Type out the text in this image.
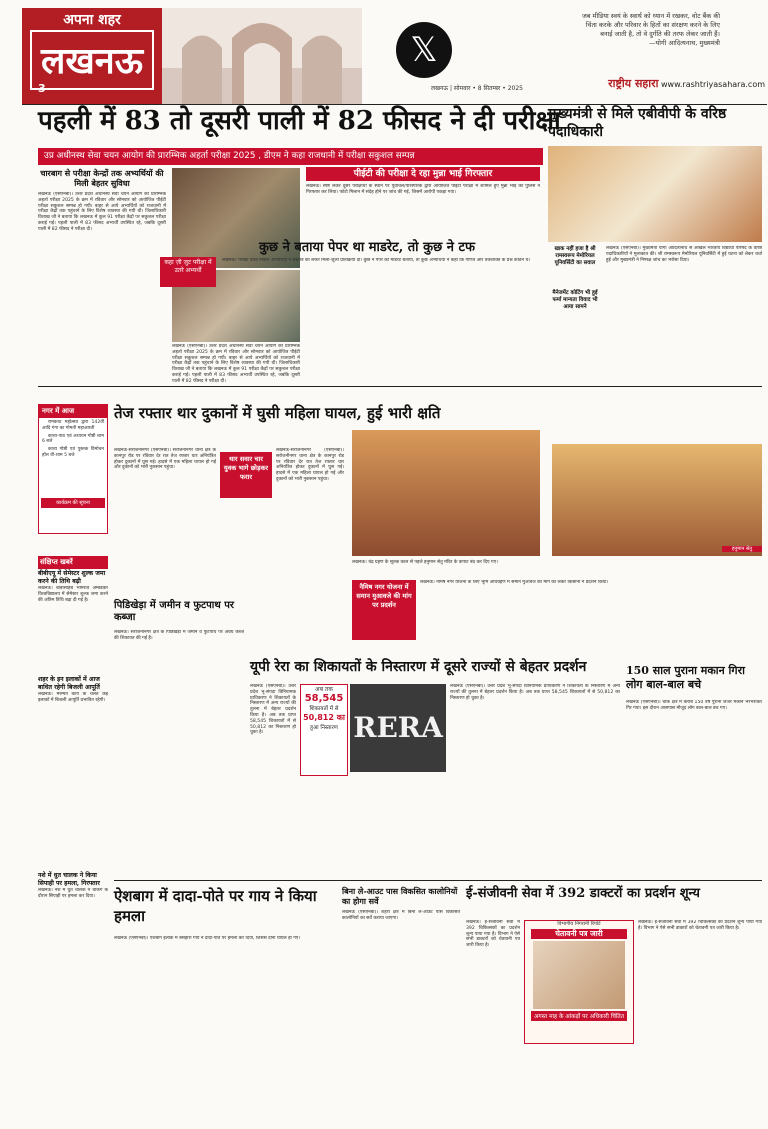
अपना शहर
लखनऊ
3
𝕏
जब मीडिया स्वयं के स्वार्थ को ध्यान में रखकर, वोट बैंक की
चिंता करके और परिवार के हितों का संरक्षण करने के लिए
बनाई जाती है, तो वे दुर्गति की तरफ लेकर जाती हैं।
—योगी आदित्यनाथ, मुख्यमंत्री
लखनऊ | सोमवार • 8 सितम्बर • 2025	राष्ट्रीय सहारा www.rashtriyasahara.com
पहली में 83 तो दूसरी पाली में 82 फीसद ने दी परीक्षा
उप्र अधीनस्थ सेवा चयन आयोग की प्रारम्भिक अहर्ता परीक्षा 2025 , डीएम ने कहा राजधानी में परीक्षा सकुशल सम्पन्न
चारबाग से परीक्षा केन्द्रों तक अभ्यर्थियों की मिली बेहतर सुविधा
लखनऊ (एसएनबी)। उत्तर प्रदेश अधीनस्थ सेवा चयन आयोग की प्रारम्भिक अहर्ता परीक्षा 2025 के क्रम में रविवार और सोमवार को आयोजित पीईटी परीक्षा सकुशल सम्पन्न हो गयी। बाहर से आये अभ्यर्थियों को राजधानी में परीक्षा केंद्रों तक पहुंचाने के लिए विशेष व्यवस्था की गयी थी। जिलाधिकारी विशाख जी ने बताया कि लखनऊ में कुल 91 परीक्षा केंद्रों पर सकुशल परीक्षा कराई गई। पहली पाली में 83 फीसद अभ्यर्थी उपस्थित रहे, जबकि दूसरी पाली में 82 फीसद ने परीक्षा दी।
लखनऊ (एसएनबी)। उत्तर प्रदेश अधीनस्थ सेवा चयन आयोग की प्रारम्भिक अहर्ता परीक्षा 2025 के क्रम में रविवार और सोमवार को आयोजित पीईटी परीक्षा सकुशल सम्पन्न हो गयी। बाहर से आये अभ्यर्थियों को राजधानी में परीक्षा केंद्रों तक पहुंचाने के लिए विशेष व्यवस्था की गयी थी। जिलाधिकारी विशाख जी ने बताया कि लखनऊ में कुल 91 परीक्षा केंद्रों पर सकुशल परीक्षा कराई गई। पहली पाली में 83 फीसद अभ्यर्थी उपस्थित रहे, जबकि दूसरी पाली में 82 फीसद ने परीक्षा दी।
पीईटी की परीक्षा दे रहा मुन्ना भाई गिरफ्तार
लखनऊ। स्पष्ट लेकर दूसरे परीक्षार्थी के स्थान पर पूर्वांचल/पारस्परिक द्वारा आयोजित पीईटी परीक्षा में शामिल हुए मुन्ना भाई को पुलिस ने गिरफ्तार कर लिया। फोटो मिलान में संदेह होने पर जांच की गई, जिसमें आरोपी पकड़ा गया।
कुछ ने बताया पेपर था माडरेट, तो कुछ ने टफ
कहा ज़ी जुट परीक्षा में उतरे अभ्यर्थी
लखनऊ। परीक्षा देकर निकले अभ्यर्थियों ने प्रश्नपत्र को लेकर मिली-जुली प्रतिक्रिया दी। कुछ ने पेपर को माडरेट बताया, तो कुछ अभ्यर्थियों ने कहा कि गणित और तर्कशक्ति के प्रश्न कठिन थे।
मुख्यमंत्री से मिले एबीवीपी के वरिष्ठ पदाधिकारी
खाक नहीं हजा है श्री रामस्वरूप मेमोरियल यूनिवर्सिटी का सवाल
मैनेजमेंट कोटिंग भी हुई फर्मा मान्यता विवाद भी आया सामने
लखनऊ (एसएनबी)। मुख्यमंत्री योगी आदित्यनाथ से अखिल भारतीय विद्यार्थी परिषद के वरिष्ठ पदाधिकारियों ने मुलाकात की। श्री रामस्वरूप मेमोरियल यूनिवर्सिटी में हुई घटना को लेकर चर्चा हुई और मुख्यमंत्री ने निष्पक्ष जांच का भरोसा दिया।
नगर में आज

रामकथा महोत्सव द्वारा 142वीं आदि गंगा का गोमती महाआरती

काव्य-पाठ एवं अध्ययन गोष्ठी शाम 6 बजे

काव्य गोष्ठी एवं पुस्तक विमोचन हॉल वी-शाम 5 बजे

कार्यक्रम की सूचना
तेज रफ्तार थार दुकानों में घुसी महिला घायल, हुई भारी क्षति
थार सवार चार युवक भागे छोड़कर फरार
लखनऊ-सरोजनीनगर (एसएनबी)। सरोजनीनगर थाना क्षेत्र के कानपुर रोड पर रविवार देर रात तेज रफ्तार थार अनियंत्रित होकर दुकानों में घुस गई। हादसे में एक महिला घायल हो गई और दुकानों को भारी नुकसान पहुंचा।
लखनऊ-सरोजनीनगर (एसएनबी)। सरोजनीनगर थाना क्षेत्र के कानपुर रोड पर रविवार देर रात तेज रफ्तार थार अनियंत्रित होकर दुकानों में घुस गई। हादसे में एक महिला घायल हो गई और दुकानों को भारी नुकसान पहुंचा।
हनुमान सेतु
लखनऊ। चंद्र ग्रहण के सूतक काल से पहले हनुमान सेतु मंदिर के कपाट बंद कर दिए गए।
संक्षिप्त खबरें
बीबीएयू में सेमेस्टर शुल्क जमा करने की तिथि बढ़ी
लखनऊ। बाबासाहेब भीमराव अम्बेडकर विश्वविद्यालय में सेमेस्टर शुल्क जमा करने की अंतिम तिथि बढ़ा दी गई है।
शहर के इन इलाकों में आज बाधित रहेगी बिजली आपूर्ति
लखनऊ। मरम्मत कार्य के चलते कई इलाकों में बिजली आपूर्ति प्रभावित रहेगी।
नशे में धुत चालक ने किया सिपाही पर हमला, गिरफ्तार
लखनऊ। नशे में धुत चालक ने चेकिंग के दौरान सिपाही पर हमला कर दिया।
पिडिखेड़ा में जमीन व फुटपाथ पर कब्जा
लखनऊ। सरोजनीनगर क्षेत्र के पिडिखेड़ा में जमीन व फुटपाथ पर अवैध कब्जे की शिकायत की गई है।
नैमिष नगर योजना में समान मुआवजे की मांग पर प्रदर्शन
लखनऊ। नैमिष नगर योजना के लिए भूमि अधिग्रहण में समान मुआवजे की मांग को लेकर किसानों ने प्रदर्शन किया।
यूपी रेरा का शिकायतों के निस्तारण में दूसरे राज्यों से बेहतर प्रदर्शन
RERA
अब तक
58,545
शिकायतों में से
50,812 का
हुआ निस्तारण
लखनऊ (एसएनबी)। उत्तर प्रदेश भू-संपदा विनियामक प्राधिकरण ने शिकायतों के निस्तारण में अन्य राज्यों की तुलना में बेहतर प्रदर्शन किया है। अब तक प्राप्त 58,545 शिकायतों में से 50,812 का निस्तारण हो चुका है।
लखनऊ (एसएनबी)। उत्तर प्रदेश भू-संपदा विनियामक प्राधिकरण ने शिकायतों के निस्तारण में अन्य राज्यों की तुलना में बेहतर प्रदर्शन किया है। अब तक प्राप्त 58,545 शिकायतों में से 50,812 का निस्तारण हो चुका है।
150 साल पुराना मकान गिरा लोग बाल-बाल बचे
लखनऊ (एसएनबी)। चौक क्षेत्र में करीब 150 वर्ष पुराना जर्जर मकान भरभराकर गिर गया। इस दौरान आसपास मौजूद लोग बाल-बाल बच गए।
ऐशबाग में दादा-पोते पर गाय ने किया हमला
लखनऊ (एसएनबी)। ऐशबाग इलाके में बेसहारा गाय ने दादा-पोते पर हमला कर दिया, जिससे दोनों घायल हो गए।
बिना ले-आउट पास विकसित कालोनियों का होगा सर्वे
लखनऊ (एसएनबी)। शहरी क्षेत्र में बिना ले-आउट पास विकसित कालोनियों का सर्वे कराया जाएगा।
ई-संजीवनी सेवा में 392 डाक्टरों का प्रदर्शन शून्य
विभागीय निगरानी रिपोर्ट
चेतावनी पत्र जारी
अगस्त माह के आंकड़ों पर अधिकारी चिंतित
लखनऊ। ई-संजीवनी सेवा में 392 चिकित्सकों का प्रदर्शन शून्य पाया गया है। विभाग ने ऐसे सभी डाक्टरों को चेतावनी पत्र जारी किया है।
लखनऊ। ई-संजीवनी सेवा में 392 चिकित्सकों का प्रदर्शन शून्य पाया गया है। विभाग ने ऐसे सभी डाक्टरों को चेतावनी पत्र जारी किया है।
